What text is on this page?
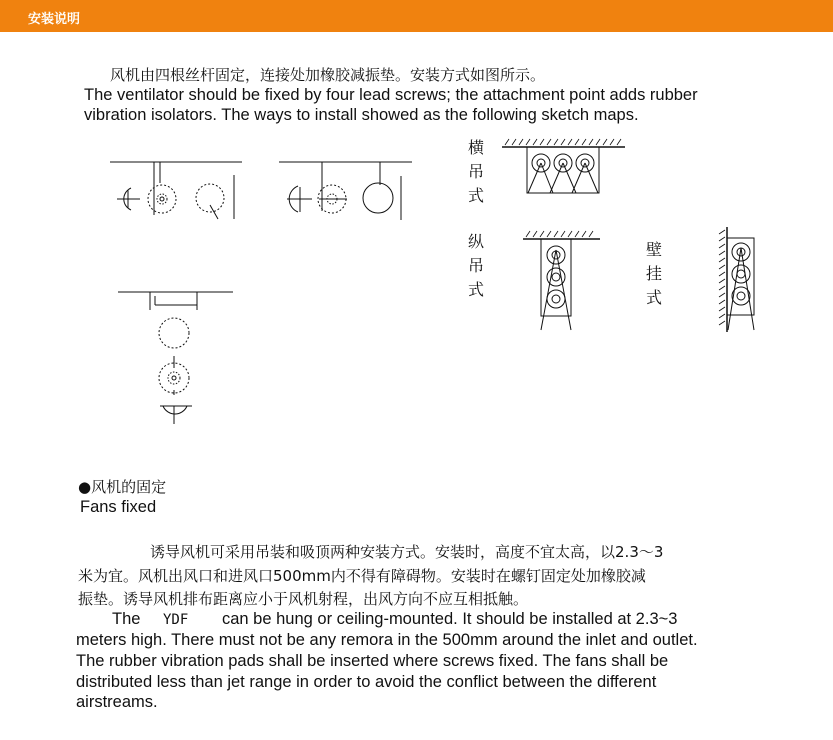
安装说明
风机由四根丝杆固定，连接处加橡胶减振垫。安装方式如图所示。
The ventilator should be fixed by four lead screws; the attachment point adds rubber
vibration isolators. The ways to install showed as the following sketch maps.
横
吊
式
纵
吊
式
壁
挂
式
●风机的固定
Fans fixed
诱导风机可采用吊装和吸顶两种安装方式。安装时，高度不宜太高，以2.3～3
米为宜。风机出风口和进风口500mm内不得有障碍物。安装时在螺钉固定处加橡胶减
振垫。诱导风机排布距离应小于风机射程，出风方向不应互相抵触。
The YDF can be hung or ceiling-mounted. It should be installed at 2.3~3
meters high. There must not be any remora in the 500mm around the inlet and outlet.
The rubber vibration pads shall be inserted where screws fixed. The fans shall be
distributed less than jet range in order to avoid the conflict between the different
airstreams.
